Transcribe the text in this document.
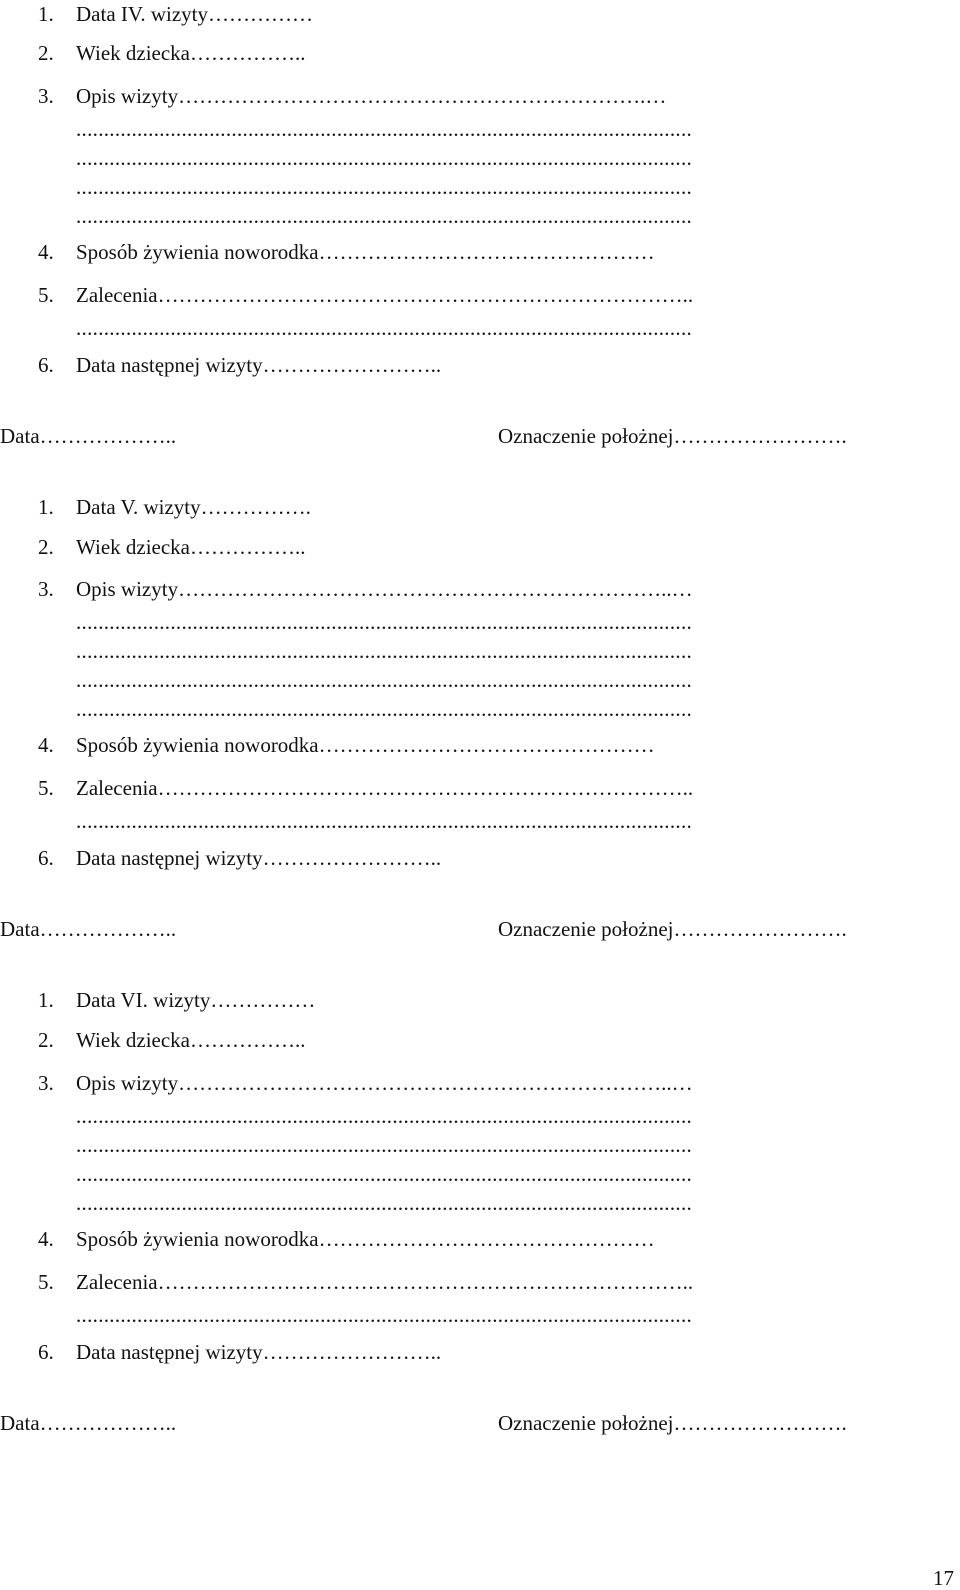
1. Data IV. wizyty……………
2. Wiek dziecka……………..
3. Opis wizyty………………………………………………………….…
...............................................................................................................
...............................................................................................................
...............................................................................................................
...............................................................................................................
4. Sposób żywienia noworodka…………………………………………
5. Zalecenia…………………………………………………………………..
...............................................................................................................
6. Data następnej wizyty……………………..
Data………………..	Oznaczenie położnej…………………….
1. Data V. wizyty…………….
2. Wiek dziecka……………..
3. Opis wizyty……………………………………………………………..…
...............................................................................................................
...............................................................................................................
...............................................................................................................
...............................................................................................................
4. Sposób żywienia noworodka…………………………………………
5. Zalecenia…………………………………………………………………..
...............................................................................................................
6. Data następnej wizyty……………………..
Data………………..	Oznaczenie położnej…………………….
1. Data VI. wizyty……………
2. Wiek dziecka……………..
3. Opis wizyty……………………………………………………………..…
...............................................................................................................
...............................................................................................................
...............................................................................................................
...............................................................................................................
4. Sposób żywienia noworodka…………………………………………
5. Zalecenia…………………………………………………………………..
...............................................................................................................
6. Data następnej wizyty……………………..
Data………………..	Oznaczenie położnej…………………….

17
